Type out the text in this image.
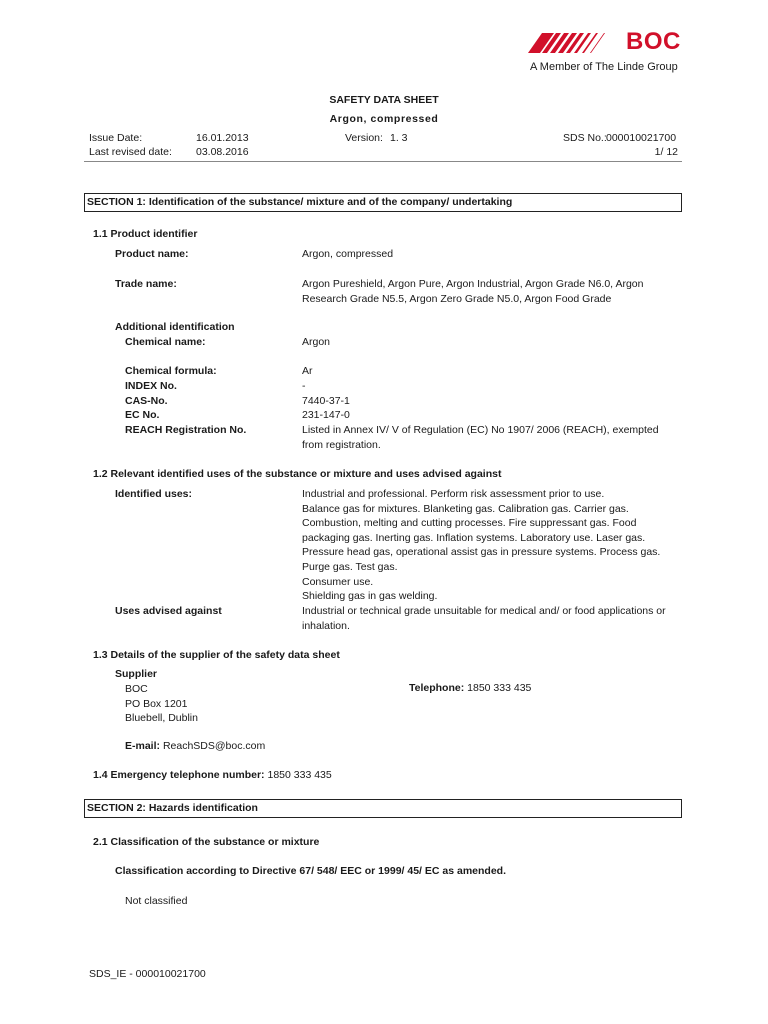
BOC
A Member of The Linde Group
SAFETY DATA SHEET
Argon, compressed
Issue Date:	16.01.2013	Version: 1. 3	SDS No.: 000010021700
Last revised date: 03.08.2016	1/ 12
SECTION 1: Identification of the substance/ mixture and of the company/ undertaking
1.1 Product identifier
Product name:	Argon, compressed
Trade name:	Argon Pureshield, Argon Pure, Argon Industrial, Argon Grade N6.0, Argon Research Grade N5.5, Argon Zero Grade N5.0, Argon Food Grade
Additional identification
Chemical name:	Argon
Chemical formula:	Ar
INDEX No.	-
CAS-No.	7440-37-1
EC No.	231-147-0
REACH Registration No.	Listed in Annex IV/ V of Regulation (EC) No 1907/ 2006 (REACH), exempted from registration.
1.2 Relevant identified uses of the substance or mixture and uses advised against
Identified uses:	Industrial and professional. Perform risk assessment prior to use.
Balance gas for mixtures. Blanketing gas. Calibration gas. Carrier gas.
Combustion, melting and cutting processes. Fire suppressant gas. Food
packaging gas. Inerting gas. Inflation systems. Laboratory use. Laser gas.
Pressure head gas, operational assist gas in pressure systems. Process gas.
Purge gas. Test gas.
Consumer use.
Shielding gas in gas welding.
Uses advised against	Industrial or technical grade unsuitable for medical and/ or food applications or inhalation.
1.3 Details of the supplier of the safety data sheet
Supplier
BOC
PO Box 1201
Bluebell, Dublin
Telephone: 1850 333 435
E-mail: ReachSDS@boc.com
1.4 Emergency telephone number: 1850 333 435
SECTION 2: Hazards identification
2.1 Classification of the substance or mixture
Classification according to Directive 67/ 548/ EEC or 1999/ 45/ EC as amended.
Not classified
SDS_IE - 000010021700
